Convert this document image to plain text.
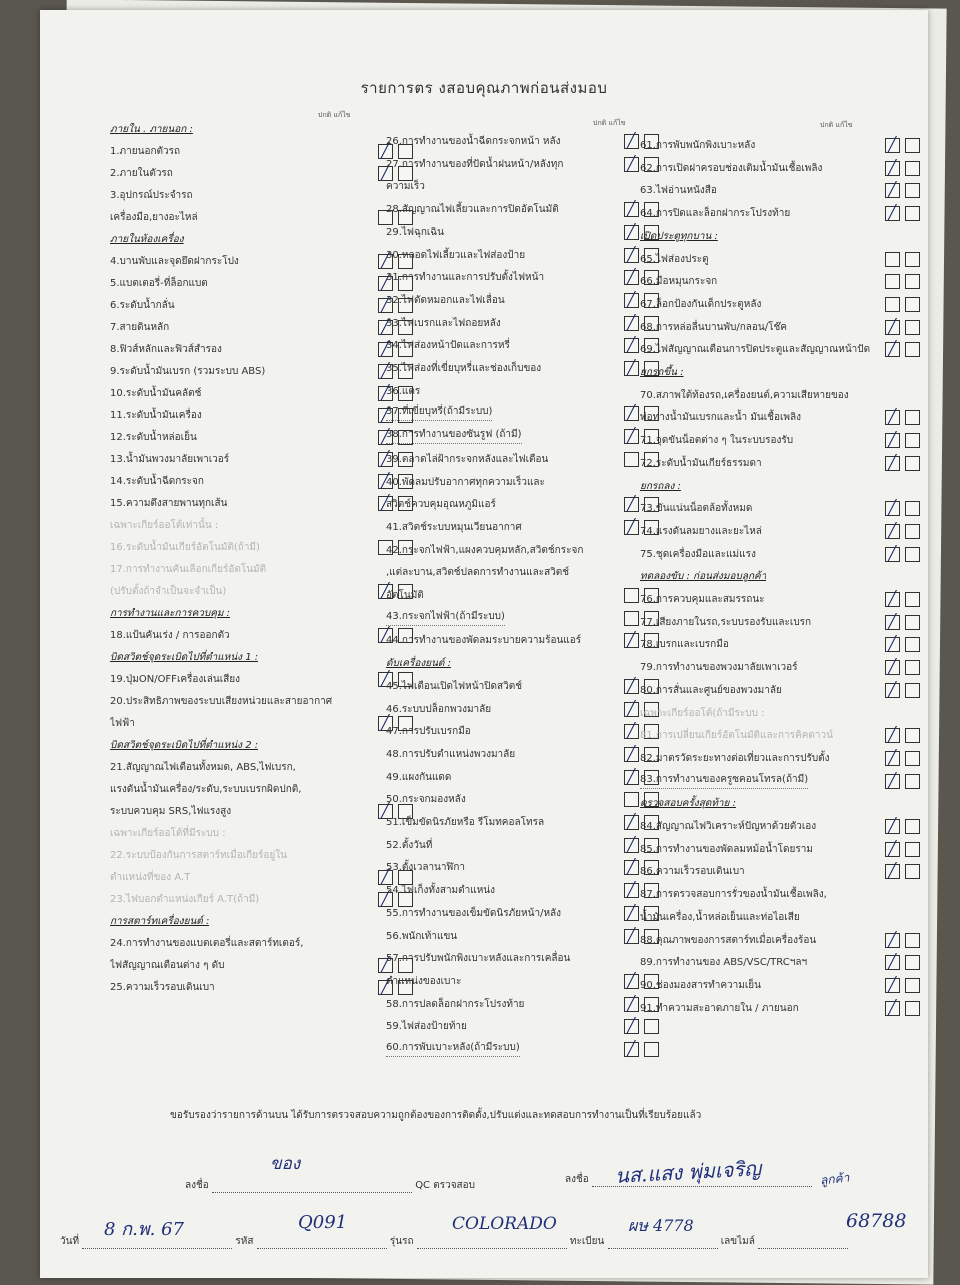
รายการตร งสอบคุณภาพก่อนส่งมอบ
ปกติ แก้ไข
ปกติ แก้ไข	ปกติ แก้ไข
ภายใน . ภายนอก :
1.ภายนอกตัวรถ	╱
2.ภายในตัวรถ	╱
3.อุปกรณ์ประจำรถ
เครื่องมือ,ยางอะไหล่
ภายในห้องเครื่อง
4.บานพับและจุดยึดฝากระโปง	╱
5.แบตเตอรี่-ที่ล็อกแบต	╱
6.ระดับน้ำกลั่น	╱
7.สายดินหลัก	╱
8.ฟิวส์หลักและฟิวส์สำรอง	╱
9.ระดับน้ำมันเบรก (รวมระบบ ABS)	╱
10.ระดับน้ำมันคลัตช์	╱
11.ระดับน้ำมันเครื่อง	╱
12.ระดับน้ำหล่อเย็น	╱
13.น้ำมันพวงมาลัยเพาเวอร์	╱
14.ระดับน้ำฉีดกระจก	╱
15.ความตึงสายพานทุกเส้น	╱
เฉพาะเกียร์ออโต้เท่านั้น :
16.ระดับน้ำมันเกียร์อัตโนมัติ(ถ้ามี)
17.การทำงานคันเลือกเกียร์อัตโนมัติ
(ปรับตั้งถ้าจำเป็นจะจำเป็น)	╱
การทำงานและการควบคุม :
18.แป้นคันเร่ง / การออกตัว	╱
บิดสวิตช์จุดระเบิดไปที่ตำแหน่ง 1 :
19.ปุ่มON/OFFเครื่องเล่นเสียง	╱
20.ประสิทธิภาพของระบบเสียงหน่วยและสายอากาศ
ไฟฟ้า	╱
บิดสวิตช์จุดระเบิดไปที่ตำแหน่ง 2 :
21.สัญญาณไฟเตือนทั้งหมด, ABS,ไฟเบรก,
แรงดันน้ำมันเครื่อง/ระดับ,ระบบเบรกผิดปกติ,
ระบบควบคุม SRS,ไฟแรงสูง	╱
เฉพาะเกียร์ออโต้ที่มีระบบ :
22.ระบบป้องกันการสตาร์ทเมื่อเกียร์อยู่ใน
ตำแหน่งที่ของ A.T	╱
23.ไฟบอกตำแหน่งเกียร์ A.T(ถ้ามี)	╱
การสตาร์ทเครื่องยนต์ :
24.การทำงานของแบตเตอรี่และสตาร์ทเตอร์,
ไฟสัญญาณเตือนต่าง ๆ ดับ	╱
25.ความเร็วรอบเดินเบา	╱
26.การทำงานของน้ำฉีดกระจกหน้า หลัง	╱
27.การทำงานของที่ปัดน้ำฝนหน้า/หลังทุก	╱
ความเร็ว
28.สัญญาณไฟเลี้ยวและการปิดอัตโนมัติ	╱
29.ไฟฉุกเฉิน	╱
30.หลอดไฟเลี้ยวและไฟส่องป้าย	╱
31.การทำงานและการปรับตั้งไฟหน้า	╱
32.ไฟตัดหมอกและไฟเลื่อน	╱
33.ไฟเบรกและไฟถอยหลัง	╱
34.ไฟส่องหน้าปัดและการหรี่	╱
35.ไฟส่องที่เขี่ยบุหรี่และช่องเก็บของ	╱
36.แตร
37.ที่เขี่ยบุหรี่(ถ้ามีระบบ)	╱
38.การทำงานของซันรูฟ (ถ้ามี)	╱
39.ตลาดไล่ฝ้ากระจกหลังและไฟเตือน
40.พัดลมปรับอากาศทุกความเร็วและ
สวิตช์ควบคุมอุณหภูมิแอร์	╱
41.สวิตช์ระบบหมุนเวียนอากาศ	╱
42.กระจกไฟฟ้า,แผงควบคุมหลัก,สวิตช์กระจก
,แต่ละบาน,สวิตช์ปลดการทำงานและสวิตช์
อัตโนมัติ
43.กระจกไฟฟ้า(ถ้ามีระบบ)
44.การทำงานของพัดลมระบายความร้อนแอร์	╱
ดับเครื่องยนต์ :
45.ไฟเตือนเปิดไฟหน้าปิดสวิตช์	╱
46.ระบบปล็อกพวงมาลัย	╱
47.การปรับเบรกมือ	╱
48.การปรับตำแหน่งพวงมาลัย	╱
49.แผงกันแดด	╱
50.กระจกมองหลัง
51.เข็มขัดนิรภัยหรือ รีโมทคอลโทรล	╱
52.ตั้งวันที่	╱
53.ตั้งเวลานาฬิกา	╱
54.ไฟเก็งทั้งสามตำแหน่ง	╱
55.การทำงานของเข็มขัดนิรภัยหน้า/หลัง	╱
56.พนักเท้าแขน	╱
57.การปรับพนักพิงเบาะหลังและการเคลื่อน
ตำแหน่งของเบาะ	╱
58.การปลดล็อกฝากระโปรงท้าย	╱
59.ไฟส่องป้ายท้าย	╱
60.การพับเบาะหลัง(ถ้ามีระบบ)	╱
61.การพับพนักพิงเบาะหลัง	╱
62.การเปิดฝาครอบช่องเติมน้ำมันเชื้อเพลิง	╱
63.ไฟอ่านหนังสือ	╱
64.การปิดและล็อกฝากระโปรงท้าย	╱
เปิดประตูทุกบาน :
65.ไฟส่องประตู
66.มือหมุนกระจก
67.ล็อกป้องกันเด็กประตูหลัง
68.การหล่อลื่นบานพับ/กลอน/โช๊ค	╱
69.ไฟสัญญาณเตือนการปิดประตูและสัญญาณหน้าปัด ╱
ยกรถขึ้น :
70.สภาพใต้ท้องรถ,เครื่องยนต์,ความเสียหายของ
ท่อทางน้ำมันเบรกและน้ำ มันเชื้อเพลิง	╱
71.จุดขันน็อตต่าง ๆ ในระบบรองรับ	╱
72.ระดับน้ำมันเกียร์ธรรมดา	╱
ยกรถลง :
73.ขันแน่นน็อตล้อทั้งหมด	╱
74.แรงดันลมยางและยะไหล่	╱
75.ชุดเครื่องมือและแม่แรง	╱
ทดลองขับ : ก่อนส่งมอบลูกค้า
76.การควบคุมและสมรรถนะ	╱
77.เสียงภายในรถ,ระบบรองรับและเบรก	╱
78.เบรกและเบรกมือ	╱
79.การทำงานของพวงมาลัยเพาเวอร์	╱
80.การสั่นและศูนย์ของพวงมาลัย	╱
เฉพาะเกียร์ออโต้(ถ้ามีระบบ :
81.การเปลี่ยนเกียร์อัตโนมัติและการคิคดาวน์	╱
82.มาตรวัดระยะทางต่อเที่ยวและการปรับตั้ง	╱
83.การทำงานของครูซคอนโทรล(ถ้ามี)	╱
ตรวจสอบครั้งสุดท้าย :
84.สัญญาณไฟวิเคราะห์ปัญหาด้วยตัวเอง	╱
85.การทำงานของพัดลมหม้อน้ำโดยราม	╱
86.ความเร็วรอบเดินเบา	╱
87.การตรวจสอบการรั่วของน้ำมันเชื้อเพลิง,
น้ำมันเครื่อง,น้ำหล่อเย็นและท่อไอเสีย
88.คุณภาพของการสตาร์ทเมื่อเครื่องร้อน	╱
89.การทำงานของ ABS/VSC/TRCฯลฯ	╱
90.ช่องมองสารทำความเย็น	╱
91.ทำความสะอาดภายใน / ภายนอก	╱
ขอรับรองว่ารายการด้านบน ได้รับการตรวจสอบความถูกต้องของการติดตั้ง,ปรับแต่งและทดสอบการทำงานเป็นที่เรียบร้อยแล้ว
ลงชื่อ	QC ตรวจสอบ
ลงชื่อ
ของ	นส.แสง พุ่มเจริญ	ลูกค้า
วันที่	รหัส	รุ่นรถ	ทะเบียน	เลขไมล์
8 ก.พ. 67	Q091	COLORADO	ผษ 4778	68788
